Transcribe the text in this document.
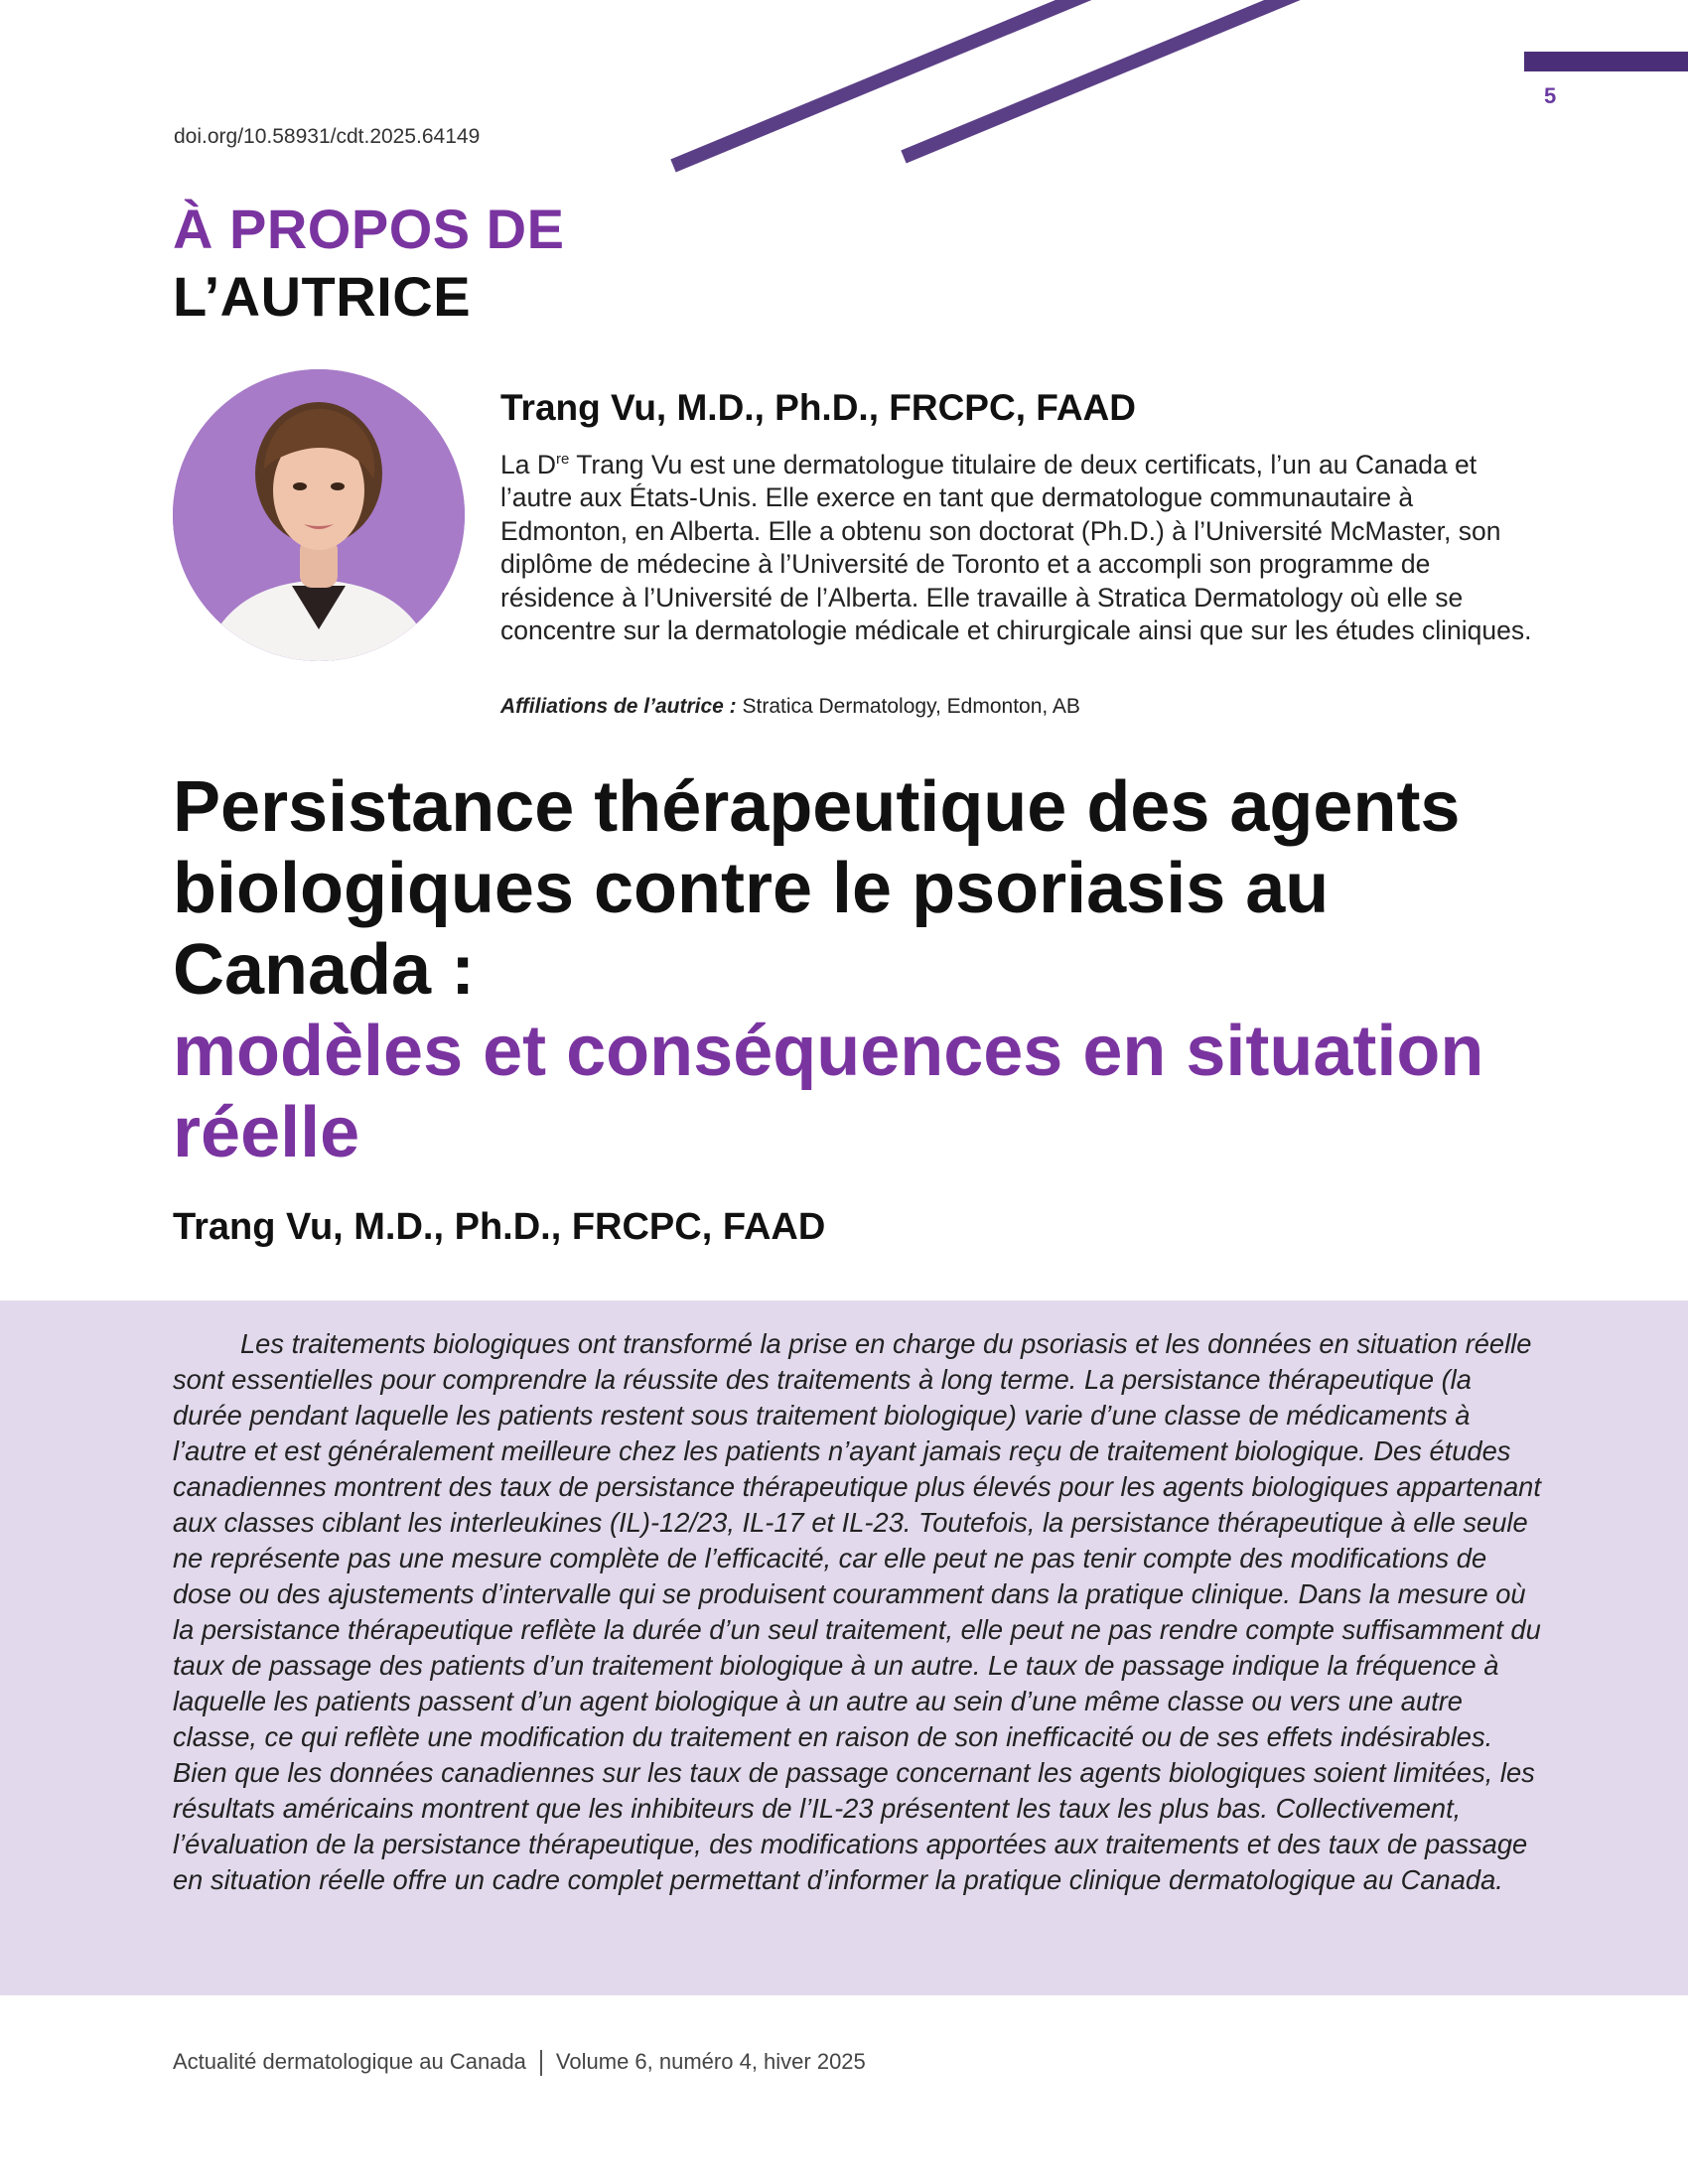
5
doi.org/10.58931/cdt.2025.64149
À PROPOS DE
L’AUTRICE
Trang Vu, M.D., Ph.D., FRCPC, FAAD

La Dre Trang Vu est une dermatologue titulaire de deux certificats, l’un au Canada et l’autre aux États-Unis. Elle exerce en tant que dermatologue communautaire à Edmonton, en Alberta. Elle a obtenu son doctorat (Ph.D.) à l’Université McMaster, son diplôme de médecine à l’Université de Toronto et a accompli son programme de résidence à l’Université de l’Alberta. Elle travaille à Stratica Dermatology où elle se concentre sur la dermatologie médicale et chirurgicale ainsi que sur les études cliniques.

Affiliations de l’autrice : Stratica Dermatology, Edmonton, AB
Persistance thérapeutique des agents biologiques contre le psoriasis au Canada :
modèles et conséquences en situation réelle
Trang Vu, M.D., Ph.D., FRCPC, FAAD

Les traitements biologiques ont transformé la prise en charge du psoriasis et les données en situation réelle sont essentielles pour comprendre la réussite des traitements à long terme. La persistance thérapeutique (la durée pendant laquelle les patients restent sous traitement biologique) varie d’une classe de médicaments à l’autre et est généralement meilleure chez les patients n’ayant jamais reçu de traitement biologique. Des études canadiennes montrent des taux de persistance thérapeutique plus élevés pour les agents biologiques appartenant aux classes ciblant les interleukines (IL)-12/23, IL-17 et IL-23. Toutefois, la persistance thérapeutique à elle seule ne représente pas une mesure complète de l’efficacité, car elle peut ne pas tenir compte des modifications de dose ou des ajustements d’intervalle qui se produisent couramment dans la pratique clinique. Dans la mesure où la persistance thérapeutique reflète la durée d’un seul traitement, elle peut ne pas rendre compte suffisamment du taux de passage des patients d’un traitement biologique à un autre. Le taux de passage indique la fréquence à laquelle les patients passent d’un agent biologique à un autre au sein d’une même classe ou vers une autre classe, ce qui reflète une modification du traitement en raison de son inefficacité ou de ses effets indésirables. Bien que les données canadiennes sur les taux de passage concernant les agents biologiques soient limitées, les résultats américains montrent que les inhibiteurs de l’IL-23 présentent les taux les plus bas. Collectivement, l’évaluation de la persistance thérapeutique, des modifications apportées aux traitements et des taux de passage en situation réelle offre un cadre complet permettant d’informer la pratique clinique dermatologique au Canada.

Actualité dermatologique au Canada Volume 6, numéro 4, hiver 2025
